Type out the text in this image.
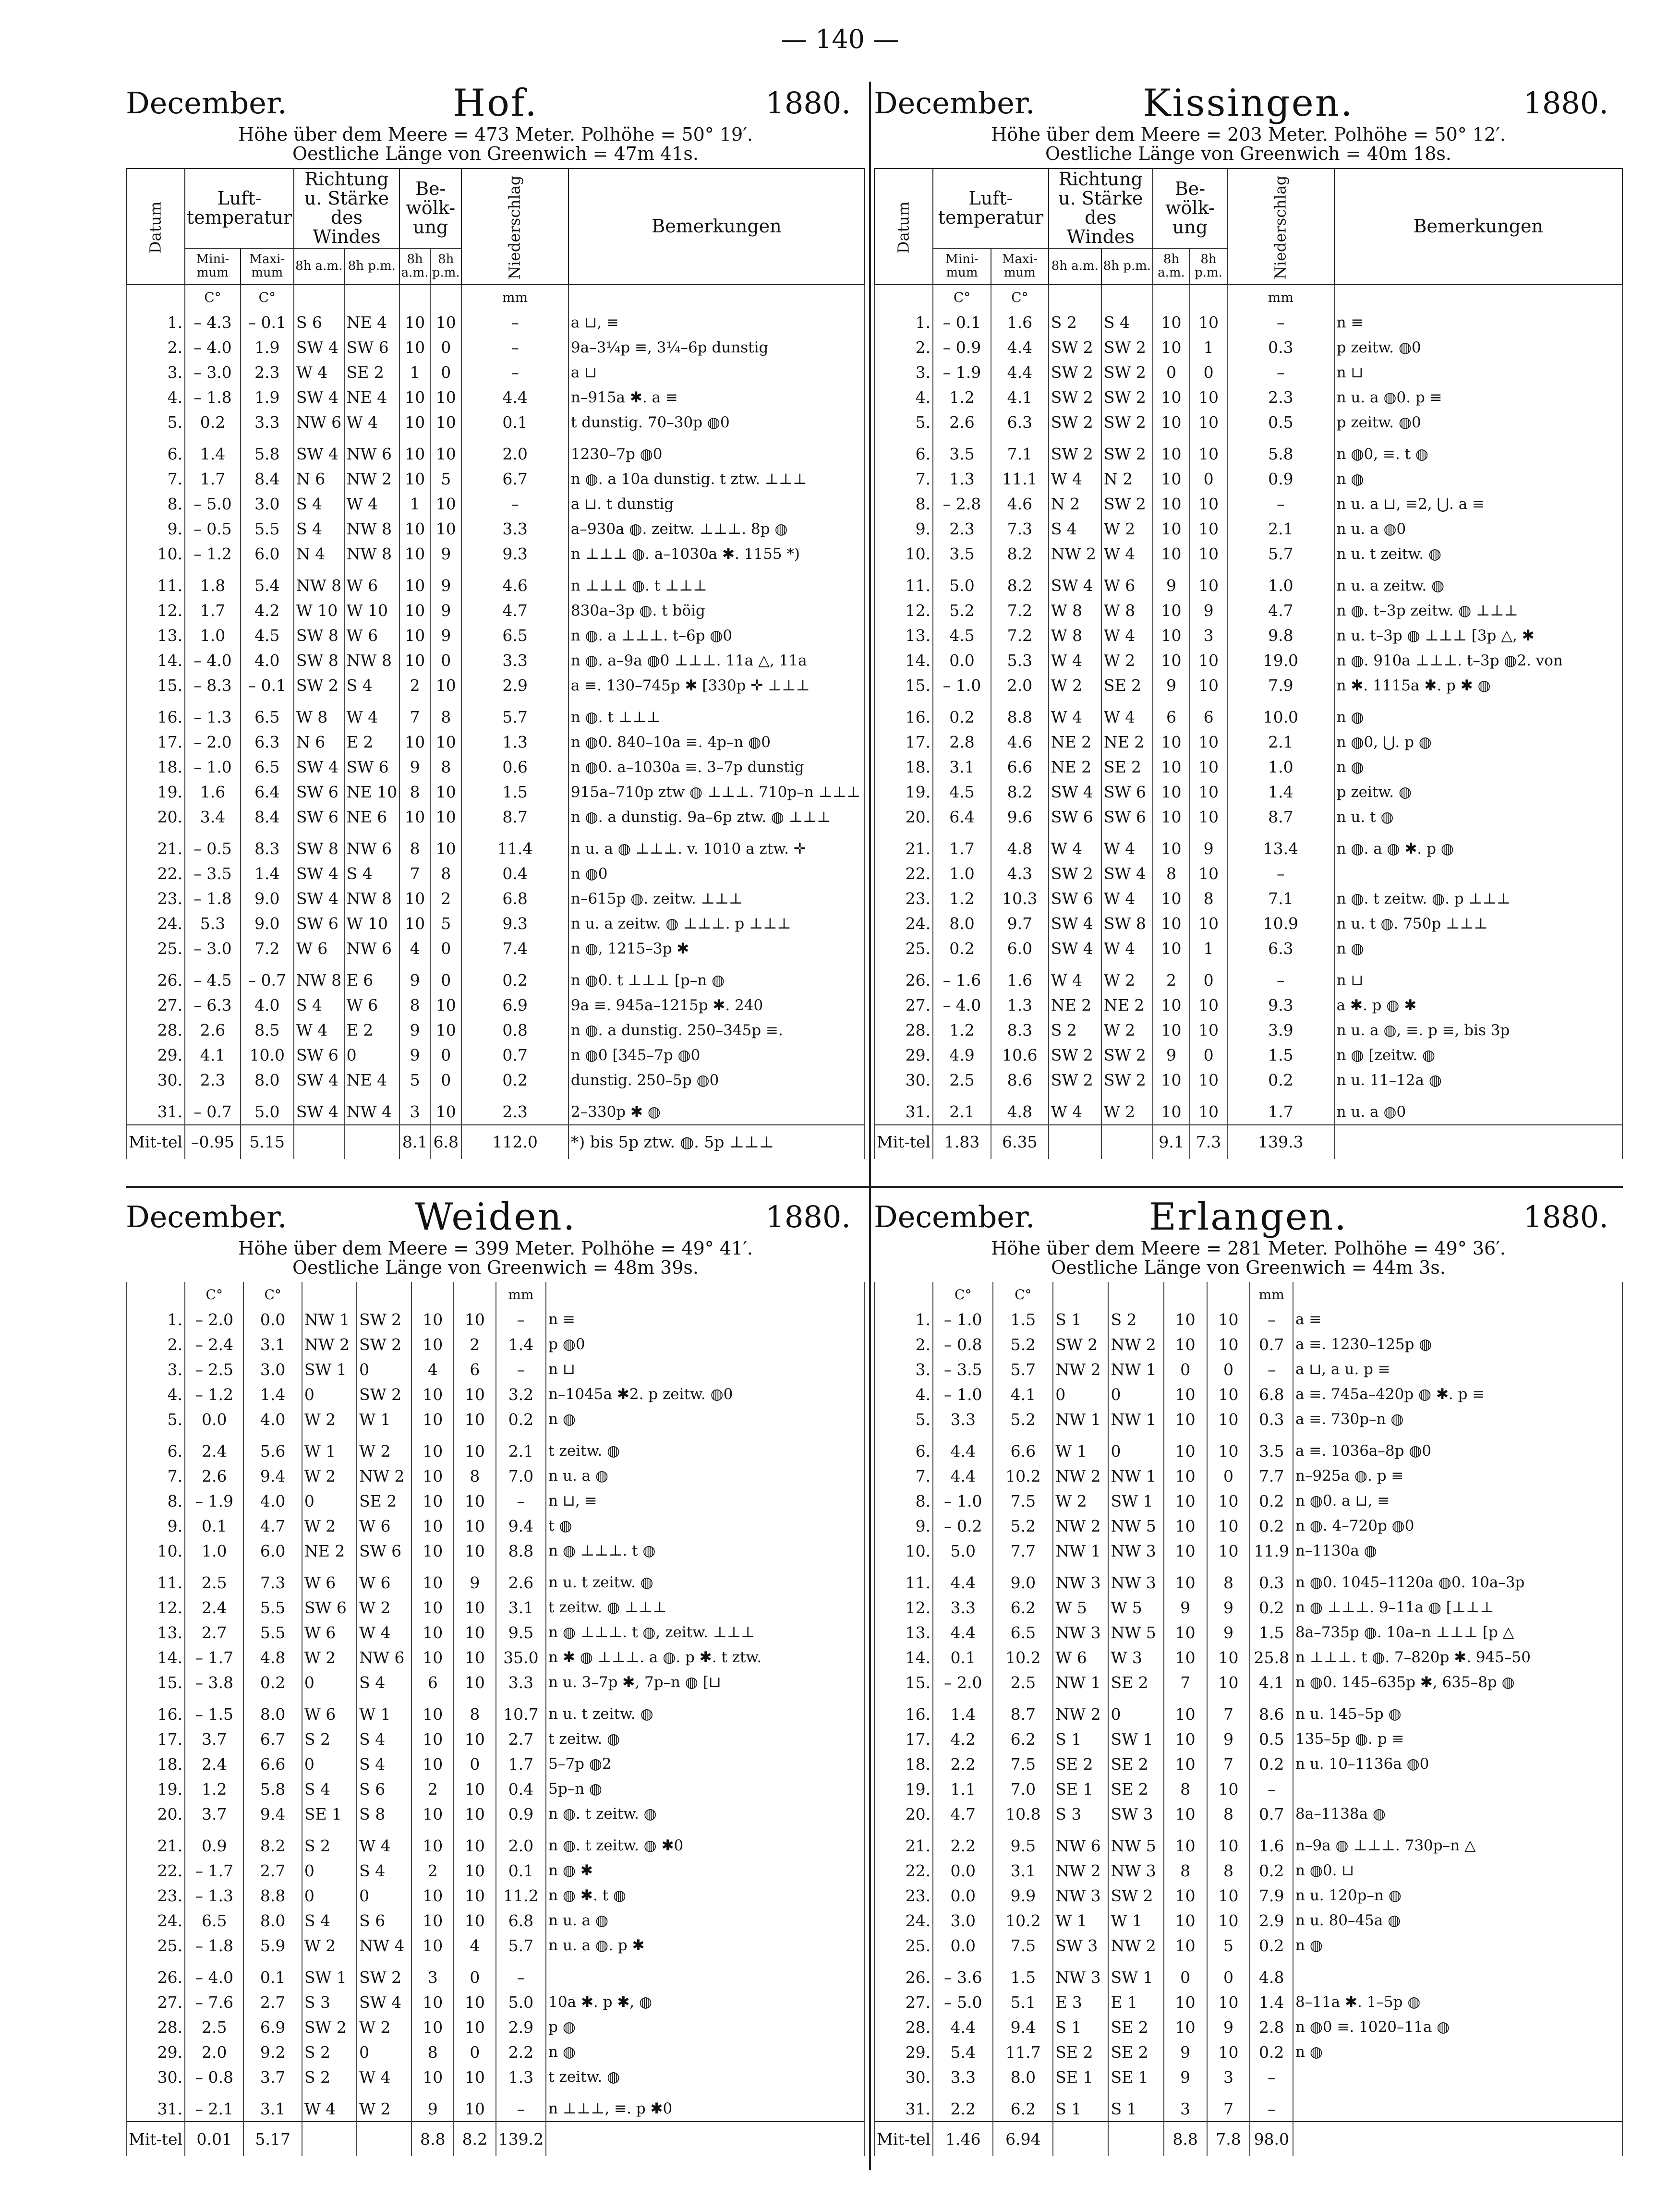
— 140 —
December.	Hof.	1880.
Höhe über dem Meere = 473 Meter. Polhöhe = 50° 19′.
Oestliche Länge von Greenwich = 47m 41s.
Datum	Luft-temperatur		Richtung u. Stärke des Windes		Be-wölk-ung		Niederschlag	Bemerkungen
	Mini-mum	Maxi-mum	8h a.m.	8h p.m.	8h a.m.	8h p.m.		
	C°	C°					mm	
1.	– 4.3	– 0.1	S 6	NE 4	10	10	–	a ⊔, ≡
2.	– 4.0	1.9	SW 4	SW 6	10	0	–	9a–3¼p ≡, 3¼–6p dunstig
3.	– 3.0	2.3	W 4	SE 2	1	0	–	a ⊔
4.	– 1.8	1.9	SW 4	NE 4	10	10	4.4	n–915a ✱. a ≡
5.	0.2	3.3	NW 6	W 4	10	10	0.1	t dunstig. 70–30p ◍0

6.	1.4	5.8	SW 4	NW 6	10	10	2.0	1230–7p ◍0
7.	1.7	8.4	N 6	NW 2	10	5	6.7	n ◍. a 10a dunstig. t ztw. ⊥⊥⊥
8.	– 5.0	3.0	S 4	W 4	1	10	–	a ⊔. t dunstig
9.	– 0.5	5.5	S 4	NW 8	10	10	3.3	a–930a ◍. zeitw. ⊥⊥⊥. 8p ◍
10.	– 1.2	6.0	N 4	NW 8	10	9	9.3	n ⊥⊥⊥ ◍. a–1030a ✱. 1155 *)

11.	1.8	5.4	NW 8	W 6	10	9	4.6	n ⊥⊥⊥ ◍. t ⊥⊥⊥
12.	1.7	4.2	W 10	W 10	10	9	4.7	830a–3p ◍. t böig
13.	1.0	4.5	SW 8	W 6	10	9	6.5	n ◍. a ⊥⊥⊥. t–6p ◍0
14.	– 4.0	4.0	SW 8	NW 8	10	0	3.3	n ◍. a–9a ◍0 ⊥⊥⊥. 11a △, 11a
15.	– 8.3	– 0.1	SW 2	S 4	2	10	2.9	a ≡. 130–745p ✱ [330p ✛ ⊥⊥⊥

16.	– 1.3	6.5	W 8	W 4	7	8	5.7	n ◍. t ⊥⊥⊥
17.	– 2.0	6.3	N 6	E 2	10	10	1.3	n ◍0. 840–10a ≡. 4p–n ◍0
18.	– 1.0	6.5	SW 4	SW 6	9	8	0.6	n ◍0. a–1030a ≡. 3–7p dunstig
19.	1.6	6.4	SW 6	NE 10	8	10	1.5	915a–710p ztw ◍ ⊥⊥⊥. 710p–n ⊥⊥⊥
20.	3.4	8.4	SW 6	NE 6	10	10	8.7	n ◍. a dunstig. 9a–6p ztw. ◍ ⊥⊥⊥

21.	– 0.5	8.3	SW 8	NW 6	8	10	11.4	n u. a ◍ ⊥⊥⊥. v. 1010 a ztw. ✛
22.	– 3.5	1.4	SW 4	S 4	7	8	0.4	n ◍0
23.	– 1.8	9.0	SW 4	NW 8	10	2	6.8	n–615p ◍. zeitw. ⊥⊥⊥
24.	5.3	9.0	SW 6	W 10	10	5	9.3	n u. a zeitw. ◍ ⊥⊥⊥. p ⊥⊥⊥
25.	– 3.0	7.2	W 6	NW 6	4	0	7.4	n ◍, 1215–3p ✱

26.	– 4.5	– 0.7	NW 8	E 6	9	0	0.2	n ◍0. t ⊥⊥⊥ [p–n ◍
27.	– 6.3	4.0	S 4	W 6	8	10	6.9	9a ≡. 945a–1215p ✱. 240
28.	2.6	8.5	W 4	E 2	9	10	0.8	n ◍. a dunstig. 250–345p ≡.
29.	4.1	10.0	SW 6	0	9	0	0.7	n ◍0 [345–7p ◍0
30.	2.3	8.0	SW 4	NE 4	5	0	0.2	dunstig. 250–5p ◍0

31.	– 0.7	5.0	SW 4	NW 4	3	10	2.3	2–330p ✱ ◍
Mit-tel	–0.95	5.15			8.1	6.8	112.0	*) bis 5p ztw. ◍. 5p ⊥⊥⊥
December.	Kissingen.	1880.
Höhe über dem Meere = 203 Meter. Polhöhe = 50° 12′.
Oestliche Länge von Greenwich = 40m 18s.
Datum	Luft-temperatur		Richtung u. Stärke des Windes		Be-wölk-ung		Niederschlag	Bemerkungen
	Mini-mum	Maxi-mum	8h a.m.	8h p.m.	8h a.m.	8h p.m.		
	C°	C°					mm	
1.	– 0.1	1.6	S 2	S 4	10	10	–	n ≡
2.	– 0.9	4.4	SW 2	SW 2	10	1	0.3	p zeitw. ◍0
3.	– 1.9	4.4	SW 2	SW 2	0	0	–	n ⊔
4.	1.2	4.1	SW 2	SW 2	10	10	2.3	n u. a ◍0. p ≡
5.	2.6	6.3	SW 2	SW 2	10	10	0.5	p zeitw. ◍0

6.	3.5	7.1	SW 2	SW 2	10	10	5.8	n ◍0, ≡. t ◍
7.	1.3	11.1	W 4	N 2	10	0	0.9	n ◍
8.	– 2.8	4.6	N 2	SW 2	10	10	–	n u. a ⊔, ≡2, ⋃. a ≡
9.	2.3	7.3	S 4	W 2	10	10	2.1	n u. a ◍0
10.	3.5	8.2	NW 2	W 4	10	10	5.7	n u. t zeitw. ◍

11.	5.0	8.2	SW 4	W 6	9	10	1.0	n u. a zeitw. ◍
12.	5.2	7.2	W 8	W 8	10	9	4.7	n ◍. t–3p zeitw. ◍ ⊥⊥⊥
13.	4.5	7.2	W 8	W 4	10	3	9.8	n u. t–3p ◍ ⊥⊥⊥ [3p △, ✱
14.	0.0	5.3	W 4	W 2	10	10	19.0	n ◍. 910a ⊥⊥⊥. t–3p ◍2. von
15.	– 1.0	2.0	W 2	SE 2	9	10	7.9	n ✱. 1115a ✱. p ✱ ◍

16.	0.2	8.8	W 4	W 4	6	6	10.0	n ◍
17.	2.8	4.6	NE 2	NE 2	10	10	2.1	n ◍0, ⋃. p ◍
18.	3.1	6.6	NE 2	SE 2	10	10	1.0	n ◍
19.	4.5	8.2	SW 4	SW 6	10	10	1.4	p zeitw. ◍
20.	6.4	9.6	SW 6	SW 6	10	10	8.7	n u. t ◍

21.	1.7	4.8	W 4	W 4	10	9	13.4	n ◍. a ◍ ✱. p ◍
22.	1.0	4.3	SW 2	SW 4	8	10	–	
23.	1.2	10.3	SW 6	W 4	10	8	7.1	n ◍. t zeitw. ◍. p ⊥⊥⊥
24.	8.0	9.7	SW 4	SW 8	10	10	10.9	n u. t ◍. 750p ⊥⊥⊥
25.	0.2	6.0	SW 4	W 4	10	1	6.3	n ◍

26.	– 1.6	1.6	W 4	W 2	2	0	–	n ⊔
27.	– 4.0	1.3	NE 2	NE 2	10	10	9.3	a ✱. p ◍ ✱
28.	1.2	8.3	S 2	W 2	10	10	3.9	n u. a ◍, ≡. p ≡, bis 3p
29.	4.9	10.6	SW 2	SW 2	9	0	1.5	n ◍ [zeitw. ◍
30.	2.5	8.6	SW 2	SW 2	10	10	0.2	n u. 11–12a ◍

31.	2.1	4.8	W 4	W 2	10	10	1.7	n u. a ◍0
Mit-tel	1.83	6.35			9.1	7.3	139.3	
December.	Weiden.	1880.
Höhe über dem Meere = 399 Meter. Polhöhe = 49° 41′.
Oestliche Länge von Greenwich = 48m 39s.
	C°	C°					mm	
1.	– 2.0	0.0	NW 1	SW 2	10	10	–	n ≡
2.	– 2.4	3.1	NW 2	SW 2	10	2	1.4	p ◍0
3.	– 2.5	3.0	SW 1	0	4	6	–	n ⊔
4.	– 1.2	1.4	0	SW 2	10	10	3.2	n–1045a ✱2. p zeitw. ◍0
5.	0.0	4.0	W 2	W 1	10	10	0.2	n ◍

6.	2.4	5.6	W 1	W 2	10	10	2.1	t zeitw. ◍
7.	2.6	9.4	W 2	NW 2	10	8	7.0	n u. a ◍
8.	– 1.9	4.0	0	SE 2	10	10	–	n ⊔, ≡
9.	0.1	4.7	W 2	W 6	10	10	9.4	t ◍
10.	1.0	6.0	NE 2	SW 6	10	10	8.8	n ◍ ⊥⊥⊥. t ◍

11.	2.5	7.3	W 6	W 6	10	9	2.6	n u. t zeitw. ◍
12.	2.4	5.5	SW 6	W 2	10	10	3.1	t zeitw. ◍ ⊥⊥⊥
13.	2.7	5.5	W 6	W 4	10	10	9.5	n ◍ ⊥⊥⊥. t ◍, zeitw. ⊥⊥⊥
14.	– 1.7	4.8	W 2	NW 6	10	10	35.0	n ✱ ◍ ⊥⊥⊥. a ◍. p ✱. t ztw.
15.	– 3.8	0.2	0	S 4	6	10	3.3	n u. 3–7p ✱, 7p–n ◍ [⊔

16.	– 1.5	8.0	W 6	W 1	10	8	10.7	n u. t zeitw. ◍
17.	3.7	6.7	S 2	S 4	10	10	2.7	t zeitw. ◍
18.	2.4	6.6	0	S 4	10	0	1.7	5–7p ◍2
19.	1.2	5.8	S 4	S 6	2	10	0.4	5p–n ◍
20.	3.7	9.4	SE 1	S 8	10	10	0.9	n ◍. t zeitw. ◍

21.	0.9	8.2	S 2	W 4	10	10	2.0	n ◍. t zeitw. ◍ ✱0
22.	– 1.7	2.7	0	S 4	2	10	0.1	n ◍ ✱
23.	– 1.3	8.8	0	0	10	10	11.2	n ◍ ✱. t ◍
24.	6.5	8.0	S 4	S 6	10	10	6.8	n u. a ◍
25.	– 1.8	5.9	W 2	NW 4	10	4	5.7	n u. a ◍. p ✱

26.	– 4.0	0.1	SW 1	SW 2	3	0	–	
27.	– 7.6	2.7	S 3	SW 4	10	10	5.0	10a ✱. p ✱, ◍
28.	2.5	6.9	SW 2	W 2	10	10	2.9	p ◍
29.	2.0	9.2	S 2	0	8	0	2.2	n ◍
30.	– 0.8	3.7	S 2	W 4	10	10	1.3	t zeitw. ◍

31.	– 2.1	3.1	W 4	W 2	9	10	–	n ⊥⊥⊥, ≡. p ✱0
Mit-tel	0.01	5.17			8.8	8.2	139.2	
December.	Erlangen.	1880.
Höhe über dem Meere = 281 Meter. Polhöhe = 49° 36′.
Oestliche Länge von Greenwich = 44m 3s.
	C°	C°					mm	
1.	– 1.0	1.5	S 1	S 2	10	10	–	a ≡
2.	– 0.8	5.2	SW 2	NW 2	10	10	0.7	a ≡. 1230–125p ◍
3.	– 3.5	5.7	NW 2	NW 1	0	0	–	a ⊔, a u. p ≡
4.	– 1.0	4.1	0	0	10	10	6.8	a ≡. 745a–420p ◍ ✱. p ≡
5.	3.3	5.2	NW 1	NW 1	10	10	0.3	a ≡. 730p–n ◍

6.	4.4	6.6	W 1	0	10	10	3.5	a ≡. 1036a–8p ◍0
7.	4.4	10.2	NW 2	NW 1	10	0	7.7	n–925a ◍. p ≡
8.	– 1.0	7.5	W 2	SW 1	10	10	0.2	n ◍0. a ⊔, ≡
9.	– 0.2	5.2	NW 2	NW 5	10	10	0.2	n ◍. 4–720p ◍0
10.	5.0	7.7	NW 1	NW 3	10	10	11.9	n–1130a ◍

11.	4.4	9.0	NW 3	NW 3	10	8	0.3	n ◍0. 1045–1120a ◍0. 10a–3p
12.	3.3	6.2	W 5	W 5	9	9	0.2	n ◍ ⊥⊥⊥. 9–11a ◍ [⊥⊥⊥
13.	4.4	6.5	NW 3	NW 5	10	9	1.5	8a–735p ◍. 10a–n ⊥⊥⊥ [p △
14.	0.1	10.2	W 6	W 3	10	10	25.8	n ⊥⊥⊥. t ◍. 7–820p ✱. 945–50
15.	– 2.0	2.5	NW 1	SE 2	7	10	4.1	n ◍0. 145–635p ✱, 635–8p ◍

16.	1.4	8.7	NW 2	0	10	7	8.6	n u. 145–5p ◍
17.	4.2	6.2	S 1	SW 1	10	9	0.5	135–5p ◍. p ≡
18.	2.2	7.5	SE 2	SE 2	10	7	0.2	n u. 10–1136a ◍0
19.	1.1	7.0	SE 1	SE 2	8	10	–	
20.	4.7	10.8	S 3	SW 3	10	8	0.7	8a–1138a ◍

21.	2.2	9.5	NW 6	NW 5	10	10	1.6	n–9a ◍ ⊥⊥⊥. 730p–n △
22.	0.0	3.1	NW 2	NW 3	8	8	0.2	n ◍0. ⊔
23.	0.0	9.9	NW 3	SW 2	10	10	7.9	n u. 120p–n ◍
24.	3.0	10.2	W 1	W 1	10	10	2.9	n u. 80–45a ◍
25.	0.0	7.5	SW 3	NW 2	10	5	0.2	n ◍

26.	– 3.6	1.5	NW 3	SW 1	0	0	4.8	
27.	– 5.0	5.1	E 3	E 1	10	10	1.4	8–11a ✱. 1–5p ◍
28.	4.4	9.4	S 1	SE 2	10	9	2.8	n ◍0 ≡. 1020–11a ◍
29.	5.4	11.7	SE 2	SE 2	9	10	0.2	n ◍
30.	3.3	8.0	SE 1	SE 1	9	3	–	

31.	2.2	6.2	S 1	S 1	3	7	–	
Mit-tel	1.46	6.94			8.8	7.8	98.0	
